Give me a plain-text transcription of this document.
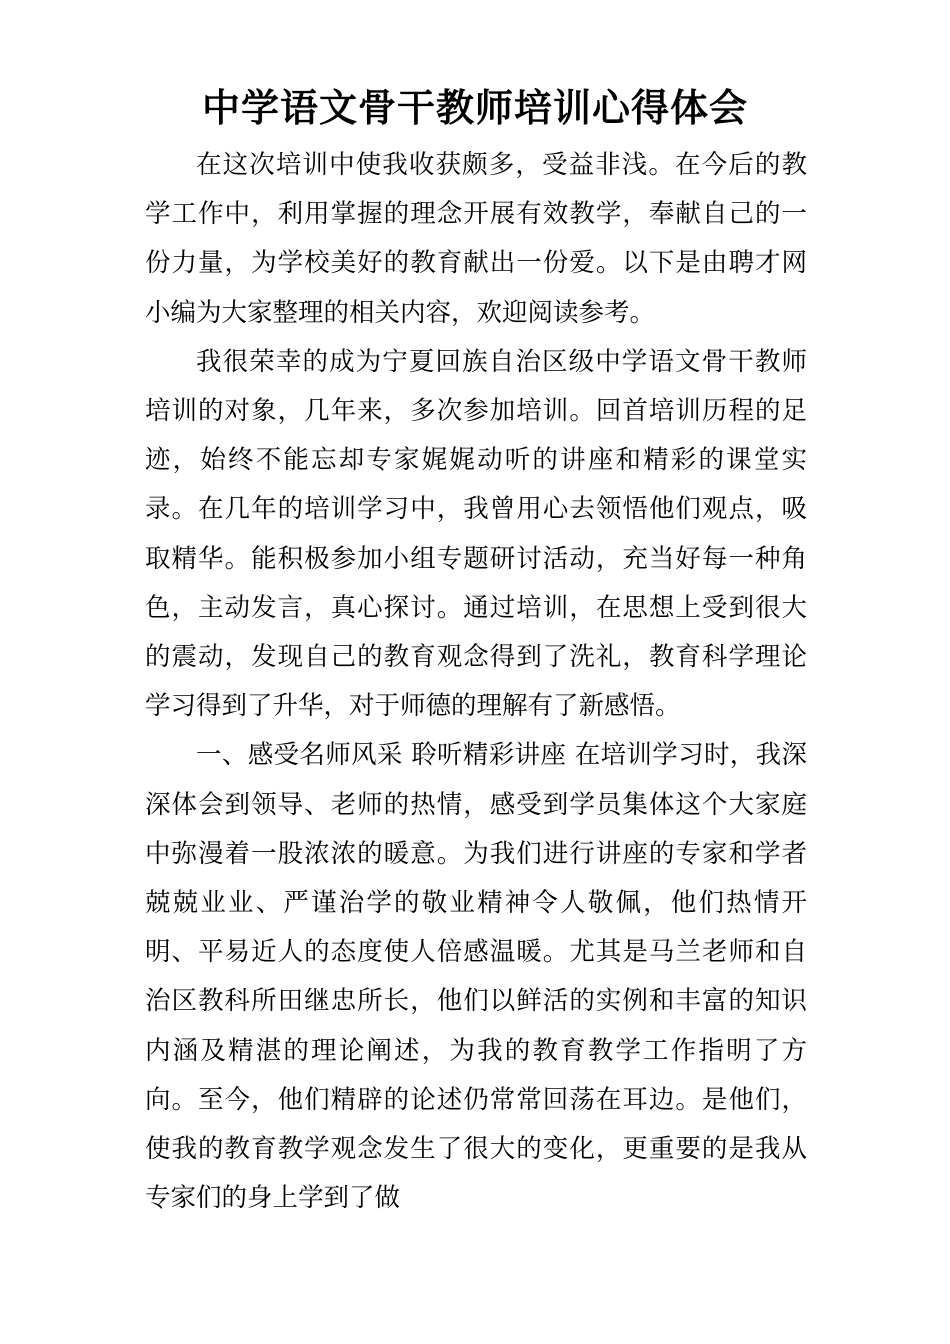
中学语文骨干教师培训心得体会

在这次培训中使我收获颇多，受益非浅。在今后的教学工作中，利用掌握的理念开展有效教学，奉献自己的一份力量，为学校美好的教育献出一份爱。以下是由聘才网小编为大家整理的相关内容，欢迎阅读参考。

我很荣幸的成为宁夏回族自治区级中学语文骨干教师培训的对象，几年来，多次参加培训。回首培训历程的足迹，始终不能忘却专家娓娓动听的讲座和精彩的课堂实录。在几年的培训学习中，我曾用心去领悟他们观点，吸取精华。能积极参加小组专题研讨活动，充当好每一种角色，主动发言，真心探讨。通过培训，在思想上受到很大的震动，发现自己的教育观念得到了洗礼，教育科学理论学习得到了升华，对于师德的理解有了新感悟。

一、感受名师风采 聆听精彩讲座 在培训学习时，我深深体会到领导、老师的热情，感受到学员集体这个大家庭中弥漫着一股浓浓的暖意。为我们进行讲座的专家和学者兢兢业业、严谨治学的敬业精神令人敬佩，他们热情开明、平易近人的态度使人倍感温暖。尤其是马兰老师和自治区教科所田继忠所长，他们以鲜活的实例和丰富的知识内涵及精湛的理论阐述，为我的教育教学工作指明了方向。至今，他们精辟的论述仍常常回荡在耳边。是他们，使我的教育教学观念发生了很大的变化，更重要的是我从专家们的身上学到了做
